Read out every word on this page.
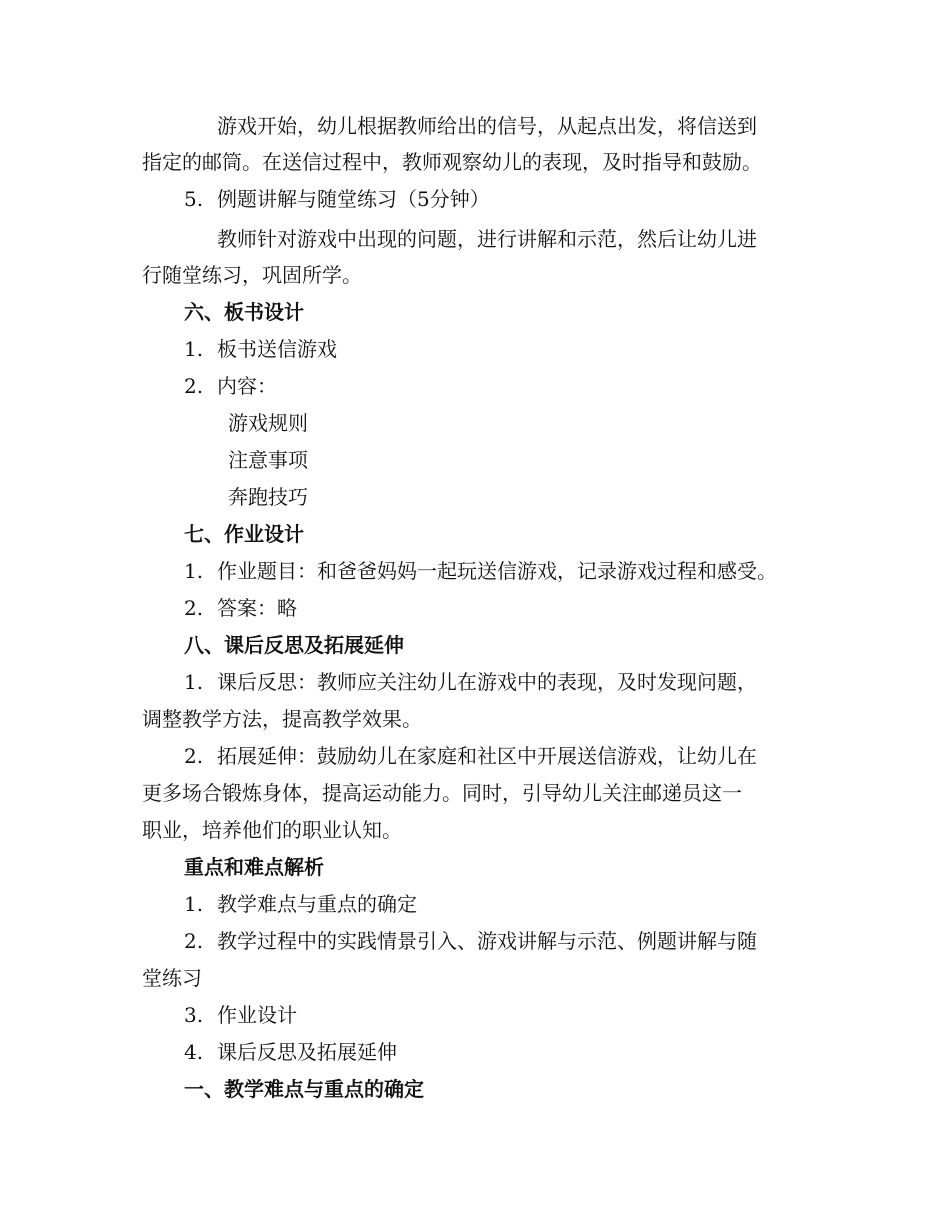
游戏开始，幼儿根据教师给出的信号，从起点出发，将信送到
指定的邮筒。在送信过程中，教师观察幼儿的表现，及时指导和鼓励。
5. 例题讲解与随堂练习（5分钟）
教师针对游戏中出现的问题，进行讲解和示范，然后让幼儿进
行随堂练习，巩固所学。
六、板书设计
1. 板书送信游戏
2. 内容：
游戏规则
注意事项
奔跑技巧
七、作业设计
1. 作业题目：和爸爸妈妈一起玩送信游戏，记录游戏过程和感受。
2. 答案：略
八、课后反思及拓展延伸
1. 课后反思：教师应关注幼儿在游戏中的表现，及时发现问题，
调整教学方法，提高教学效果。
2. 拓展延伸：鼓励幼儿在家庭和社区中开展送信游戏，让幼儿在
更多场合锻炼身体，提高运动能力。同时，引导幼儿关注邮递员这一
职业，培养他们的职业认知。
重点和难点解析
1. 教学难点与重点的确定
2. 教学过程中的实践情景引入、游戏讲解与示范、例题讲解与随
堂练习
3. 作业设计
4. 课后反思及拓展延伸
一、教学难点与重点的确定
